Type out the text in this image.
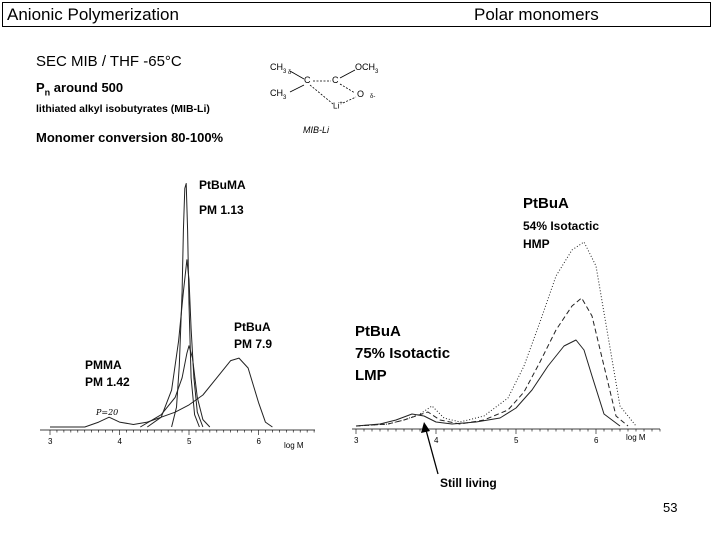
Anionic Polymerization	Polar monomers
SEC MIB / THF -65°C
$P_n$ around 500
lithiated alkyl isobutyrates (MIB-Li)
Monomer conversion 80-100%
$CH_3$
$CH_3$
C C
$OCH_3$
O
Li+
δ-
δ-
MIB-Li
3	4	5	6	log M
3	4	5	6	log M
PtBuMA
PM 1.13
PtBuA
PM 7.9
PMMA
PM 1.42
P=20
PtBuA
75% Isotactic
LMP
PtBuA
54% Isotactic
HMP
Still living
53
